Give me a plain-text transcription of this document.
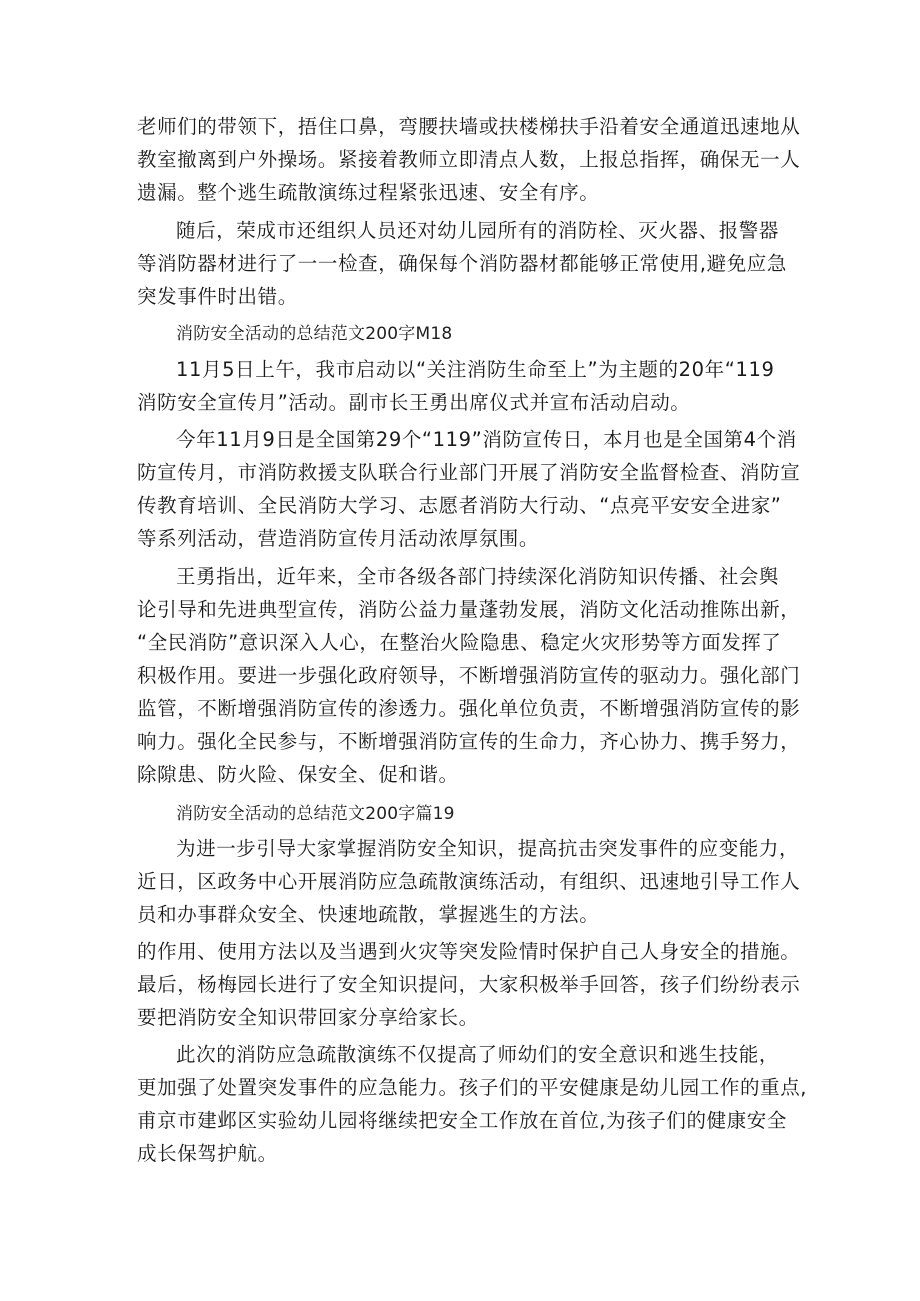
老师们的带领下，捂住口鼻，弯腰扶墙或扶楼梯扶手沿着安全通道迅速地从
教室撤离到户外操场。紧接着教师立即清点人数，上报总指挥，确保无一人
遗漏。整个逃生疏散演练过程紧张迅速、安全有序。
随后，荣成市还组织人员还对幼儿园所有的消防栓、灭火器、报警器
等消防器材进行了一一检查，确保每个消防器材都能够正常使用,避免应急
突发事件时出错。
消防安全活动的总结范文200字M18
11月5日上午，我市启动以“关注消防生命至上”为主题的20年“119
消防安全宣传月”活动。副市长王勇出席仪式并宣布活动启动。
今年11月9日是全国第29个“119”消防宣传日，本月也是全国第4个消
防宣传月，市消防救援支队联合行业部门开展了消防安全监督检查、消防宣
传教育培训、全民消防大学习、志愿者消防大行动、“点亮平安安全进家”
等系列活动，营造消防宣传月活动浓厚氛围。
王勇指出，近年来，全市各级各部门持续深化消防知识传播、社会舆
论引导和先进典型宣传，消防公益力量蓬勃发展，消防文化活动推陈出新，
“全民消防”意识深入人心，在整治火险隐患、稳定火灾形势等方面发挥了
积极作用。要进一步强化政府领导，不断增强消防宣传的驱动力。强化部门
监管，不断增强消防宣传的渗透力。强化单位负责，不断增强消防宣传的影
响力。强化全民参与，不断增强消防宣传的生命力，齐心协力、携手努力，
除隙患、防火险、保安全、促和谐。
消防安全活动的总结范文200字篇19
为进一步引导大家掌握消防安全知识，提高抗击突发事件的应变能力，
近日，区政务中心开展消防应急疏散演练活动，有组织、迅速地引导工作人
员和办事群众安全、快速地疏散，掌握逃生的方法。
的作用、使用方法以及当遇到火灾等突发险情时保护自己人身安全的措施。
最后，杨梅园长进行了安全知识提问，大家积极举手回答，孩子们纷纷表示
要把消防安全知识带回家分享给家长。
此次的消防应急疏散演练不仅提高了师幼们的安全意识和逃生技能，
更加强了处置突发事件的应急能力。孩子们的平安健康是幼儿园工作的重点,
甫京市建邺区实验幼儿园将继续把安全工作放在首位,为孩子们的健康安全
成长保驾护航。
